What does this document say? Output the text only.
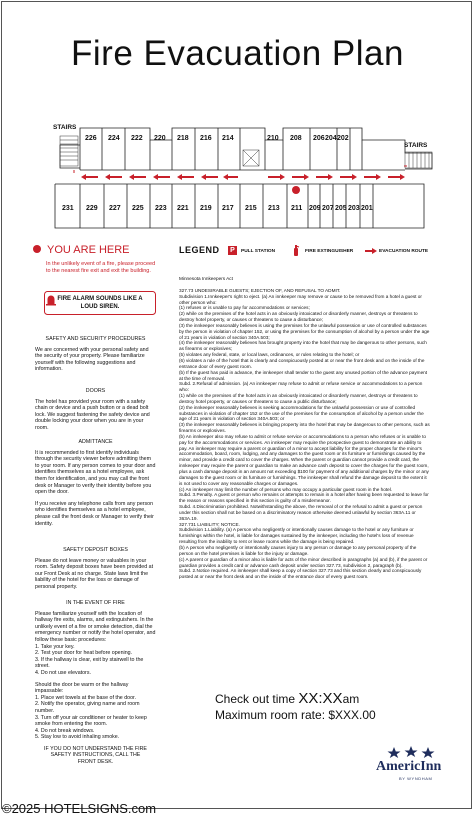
Fire Evacuation Plan
STAIRS
STAIRS
226 224 222 220 218 216 214	210 208 206 204 202
231 229 227 225 223 221 219 217 215 213 211 209 207 205 203 201
YOU ARE HERE
In the unlikely event of a fire, please proceed to the nearest fire exit and exit the building.
FIRE ALARM SOUNDS LIKE A LOUD SIREN.
SAFETY AND SECURITY PROCEDURES

We are concerned with your personal safety and the security of your property. Please familiarize yourself with the following suggestions and information.

DOORS

The hotel has provided your room with a safety chain or device and a push button or a dead bolt lock. We suggest fastening the safety device and double locking your door when you are in your room.

ADMITTANCE

It is recommended to first identify individuals through the security viewer before admitting them to your room. If any person comes to your door and identifies themselves as a hotel employee, ask them for identification, and you may call the front desk or Manager to verify their identity before you open the door.

If you receive any telephone calls from any person who identifies themselves as a hotel employee, please call the front desk or Manager to verify their identity.

SAFETY DEPOSIT BOXES

Please do not leave money or valuables in your room. Safety deposit boxes have been provided at our Front Desk at no charge. State laws limit the liability of the hotel for the loss or damage of personal property.

IN THE EVENT OF FIRE

Please familiarize yourself with the location of hallway fire exits, alarms, and extinguishers. In the unlikely event of a fire or smoke detection, dial the emergency number or notify the hotel operator, and follow these basic procedures:

1. Take your key.
2. Test your door for heat before opening.
3. If the hallway is clear, exit by stairwell to the street.
4. Do not use elevators.

Should the door be warm or the hallway impassable:

1. Place wet towels at the base of the door.
2. Notify the operator, giving name and room number.
3. Turn off your air conditioner or heater to keep smoke from entering the room.
4. Do not break windows.
5. Stay low to avoid inhaling smoke.
IF YOU DO NOT UNDERSTAND THE FIRE SAFETY INSTRUCTIONS, CALL THE FRONT DESK.
LEGEND	P	PULL STATION	FIRE EXTINGUISHER	EVACUATION ROUTE

Minnesota Innkeepers Act

327.73 UNDESIRABLE GUESTS; EJECTION OF, AND REFUSAL TO ADMIT.

Subdivision 1.Innkeeper's right to eject. (a) An innkeeper may remove or cause to be removed from a hotel a guest or other person who:

(1) refuses or is unable to pay for accommodations or services;

(2) while on the premises of the hotel acts in an obviously intoxicated or disorderly manner, destroys or threatens to destroy hotel property, or causes or threatens to cause a disturbance;

(3) the innkeeper reasonably believes is using the premises for the unlawful possession or use of controlled substances by the person in violation of chapter 152, or using the premises for the consumption of alcohol by a person under the age of 21 years in violation of section 340A.503;

(4) the innkeeper reasonably believes has brought property into the hotel that may be dangerous to other persons, such as firearms or explosives;

(5) violates any federal, state, or local laws, ordinances, or rules relating to the hotel; or

(6) violates a rule of the hotel that is clearly and conspicuously posted at or near the front desk and on the inside of the entrance door of every guest room.

(b) If the guest has paid in advance, the innkeeper shall tender to the guest any unused portion of the advance payment at the time of removal.

Subd. 2.Refusal of admission. (a) An innkeeper may refuse to admit or refuse service or accommodations to a person who:

(1) while on the premises of the hotel acts in an obviously intoxicated or disorderly manner, destroys or threatens to destroy hotel property, or causes or threatens to cause a public disturbance;

(2) the innkeeper reasonably believes is seeking accommodations for the unlawful possession or use of controlled substances in violation of chapter 152 or the use of the premises for the consumption of alcohol by a person under the age of 21 years in violation of section 340A.503; or

(3) the innkeeper reasonably believes is bringing property into the hotel that may be dangerous to other persons, such as firearms or explosives.

(b) An innkeeper also may refuse to admit or refuse service or accommodations to a person who refuses or is unable to pay for the accommodations or services. An innkeeper may require the prospective guest to demonstrate an ability to pay. An innkeeper may require a parent or guardian of a minor to accept liability for the proper charges for the minor's accommodation, board, room, lodging, and any damages to the guest room or its furniture or furnishings caused by the minor, and provide a credit card to cover the charges. When the parent or guardian cannot provide a credit card, the innkeeper may require the parent or guardian to make an advance cash deposit to cover the charges for the guest room, plus a cash damage deposit in an amount not exceeding $100 for payment of any additional charges by the minor or any damages to the guest room or its furniture or furnishings. The innkeeper shall refund the damage deposit to the extent it is not used to cover any reasonable charges or damages.

(c) An innkeeper may limit the number of persons who may occupy a particular guest room in the hotel.

Subd. 3.Penalty. A guest or person who remains or attempts to remain in a hotel after having been requested to leave for the reason or reasons specified in this section is guilty of a misdemeanor.

Subd. 4.Discrimination prohibited. Notwithstanding the above, the removal of or the refusal to admit a guest or person under this section shall not be based on a discriminatory reason otherwise deemed unlawful by section 363A.11 or 363A.19.

327.731 LIABILITY; NOTICE.

Subdivision 1.Liability. (a) A person who negligently or intentionally causes damage to the hotel or any furniture or furnishings within the hotel, is liable for damages sustained by the innkeeper, including the hotel's loss of revenue resulting from the inability to rent or lease rooms while the damage is being repaired.

(b) A person who negligently or intentionally causes injury to any person or damage to any personal property of the person on the hotel premises is liable for the injury or damage.

(c) A parent or guardian of a minor also is liable for acts of the minor described in paragraphs (a) and (b), if the parent or guardian provides a credit card or advance cash deposit under section 327.73, subdivision 2, paragraph (b).

Subd. 2.Notice required. An innkeeper shall keep a copy of section 327.73 and this section clearly and conspicuously posted at or near the front desk and on the inside of the entrance door of every guest room.

Check out time XX:XXam
Maximum room rate: $XXX.00
AmericInn
BY WYNDHAM
©2025 HOTELSIGNS.com
